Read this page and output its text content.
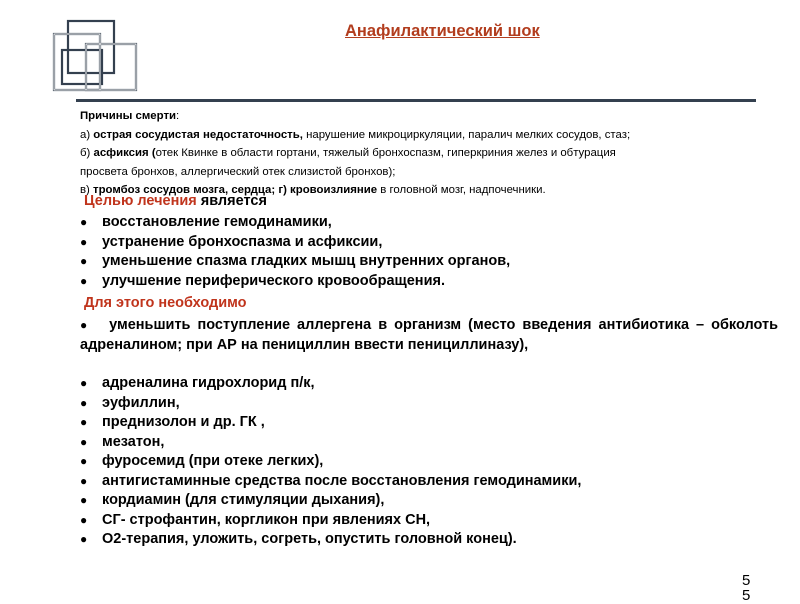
Анафилактический шок
Причины смерти:
а) острая сосудистая недостаточность, нарушение микроциркуляции, паралич мелких сосудов, стаз;
б) асфиксия (отек Квинке в области гортани, тяжелый бронхоспазм, гиперкриния желез и обтурация
просвета бронхов, аллергический отек слизистой бронхов);
в) тромбоз сосудов мозга, сердца; г) кровоизлияние в головной мозг, надпочечники.
Целью лечения является
● восстановление гемодинамики,
● устранение бронхоспазма и асфиксии,
● уменьшение спазма гладких мышц внутренних органов,
● улучшение периферического кровообращения.
Для этого необходимо
●   уменьшить поступление аллергена в организм (место введения антибиотика – обколоть адреналином; при АР на пенициллин ввести пенициллиназу),
● адреналина гидрохлорид п/к,
● эуфиллин,
● преднизолон и др. ГК ,
● мезатон,
● фуросемид (при отеке легких),
● антигистаминные средства после восстановления гемодинамики,
● кордиамин (для стимуляции дыхания),
● СГ- строфантин, коргликон при явлениях СН,
● О2-терапия, уложить, согреть, опустить головной конец).
55
